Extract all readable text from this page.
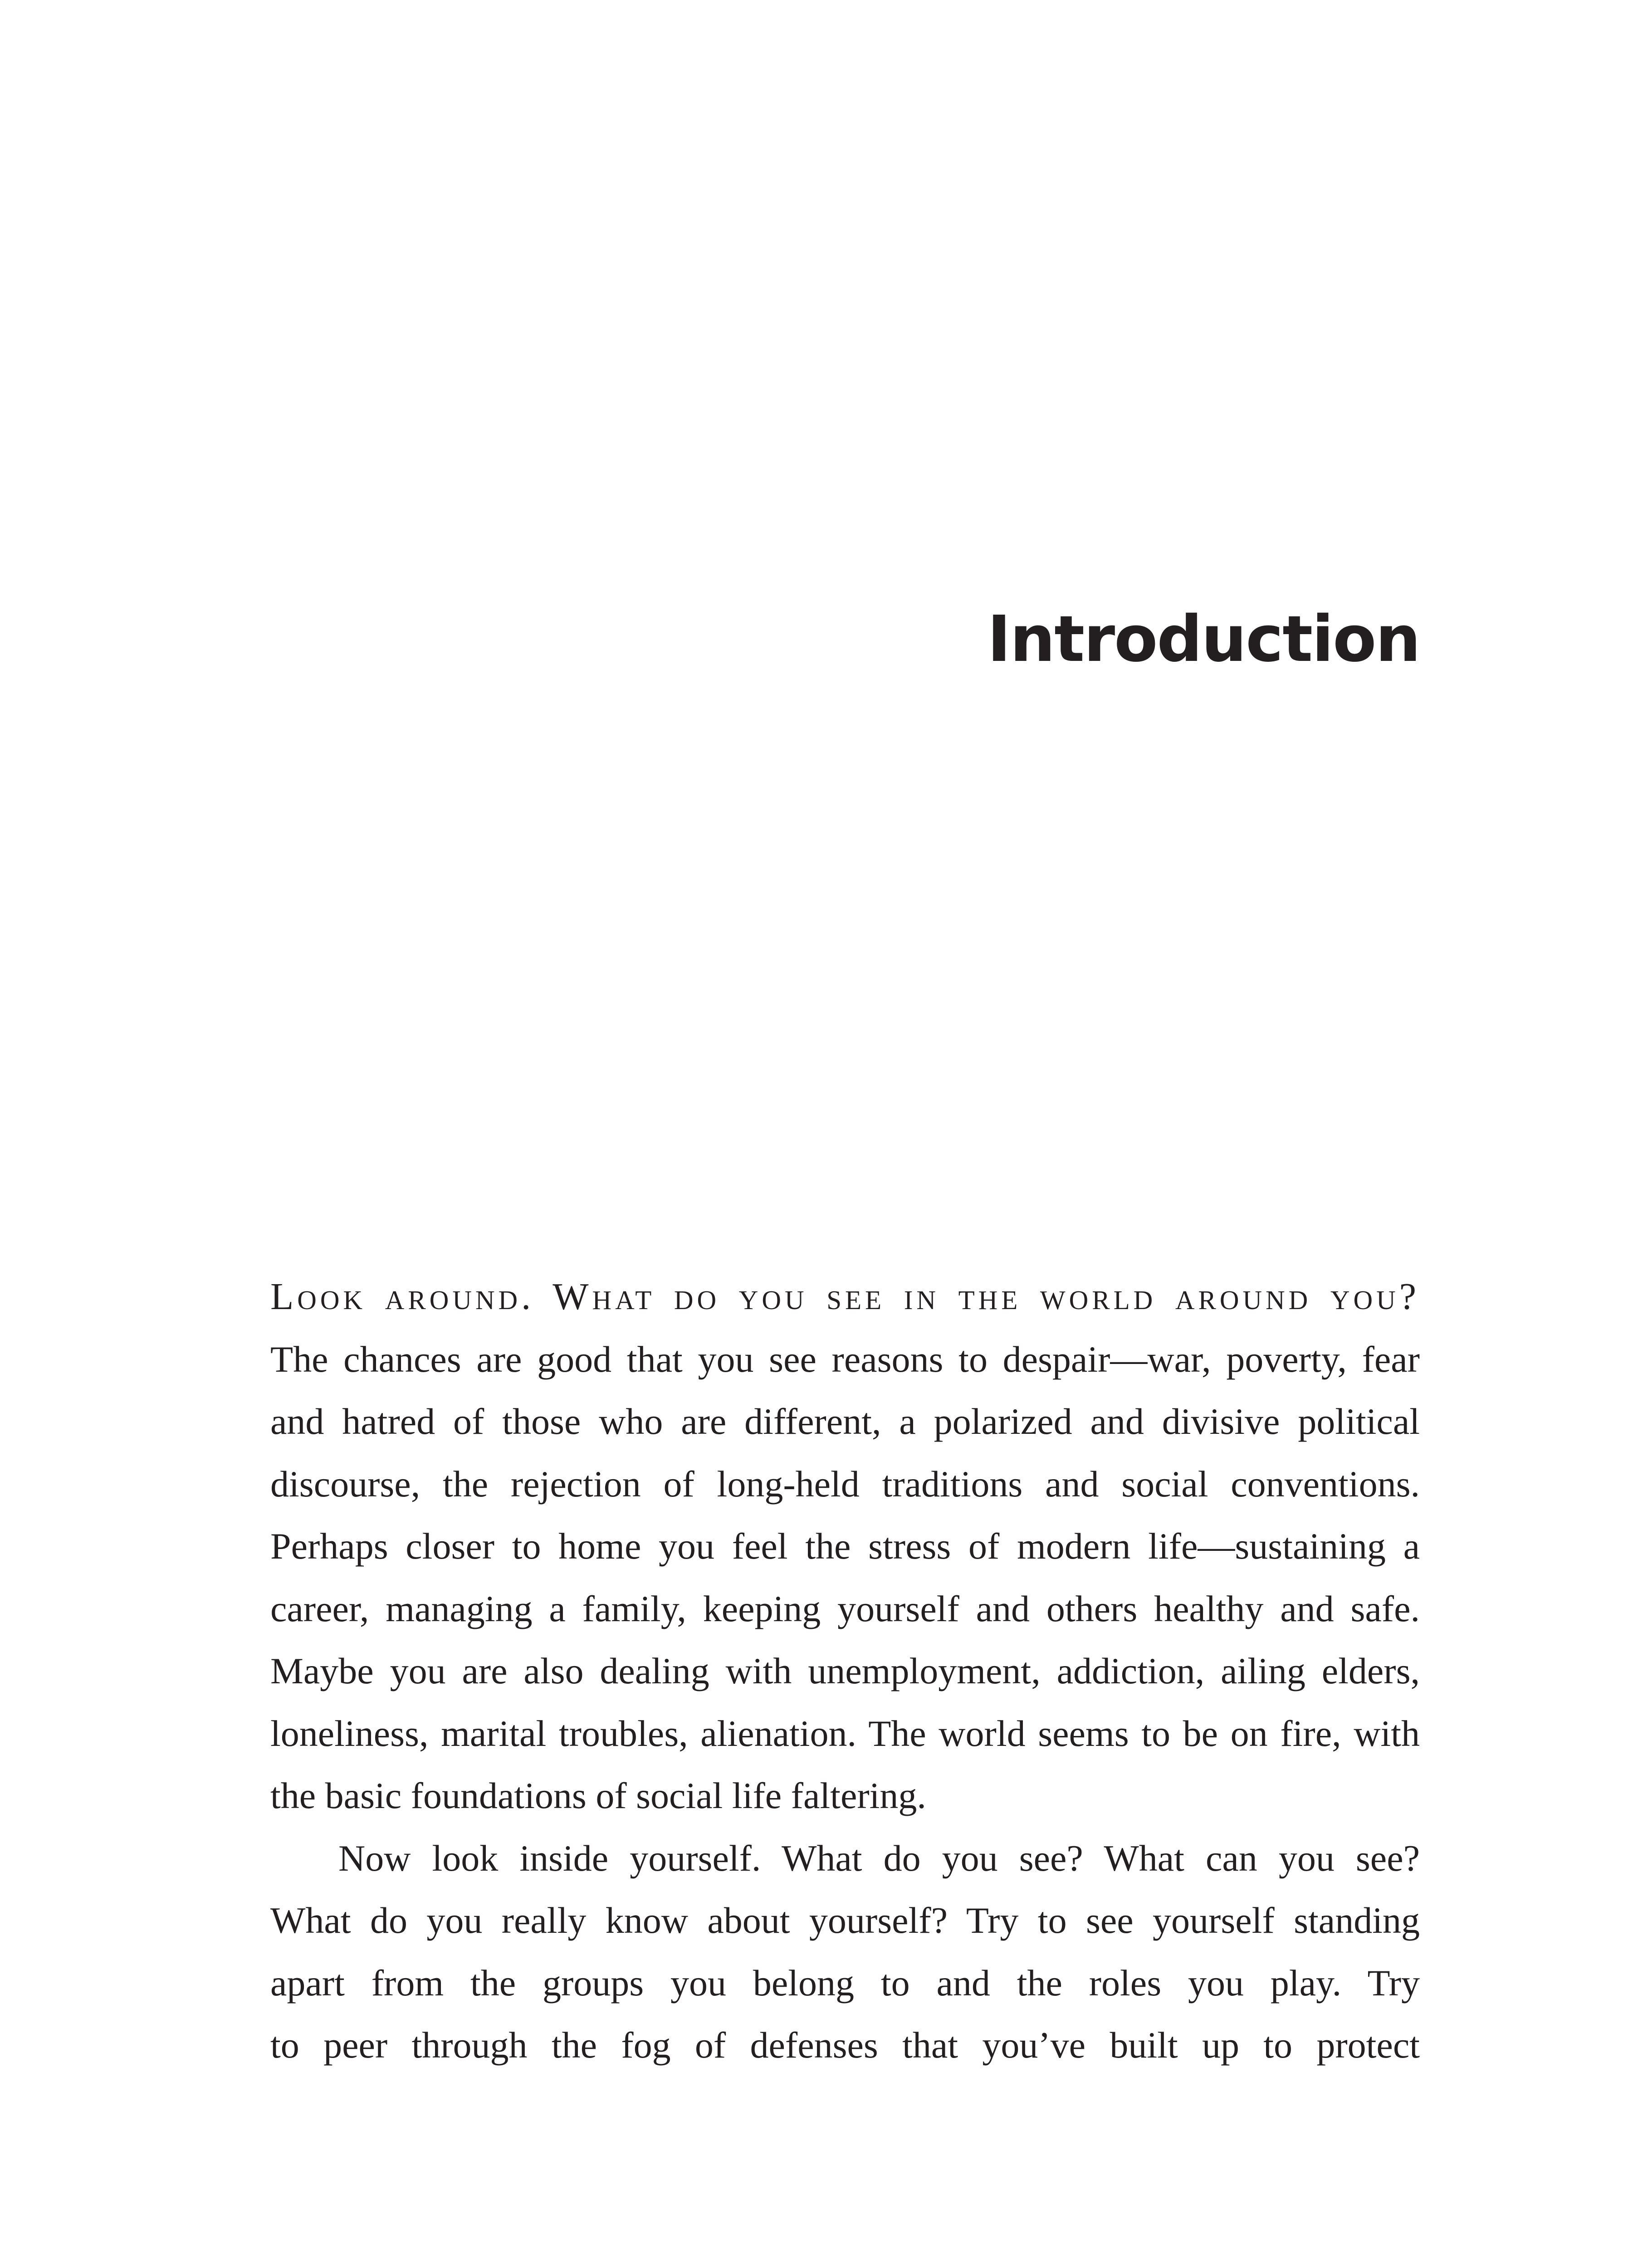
Introduction
Look around. What do you see in the world around you?
The chances are good that you see reasons to despair—war, poverty, fear
and hatred of those who are different, a polarized and divisive political
discourse, the rejection of long-held traditions and social conventions.
Perhaps closer to home you feel the stress of modern life—sustaining a
career, managing a family, keeping yourself and others healthy and safe.
Maybe you are also dealing with unemployment, addiction, ailing elders,
loneliness, marital troubles, alienation. The world seems to be on fire, with
the basic foundations of social life faltering.
Now look inside yourself. What do you see? What can you see?
What do you really know about yourself? Try to see yourself standing
apart from the groups you belong to and the roles you play. Try
to peer through the fog of defenses that you’ve built up to protect
